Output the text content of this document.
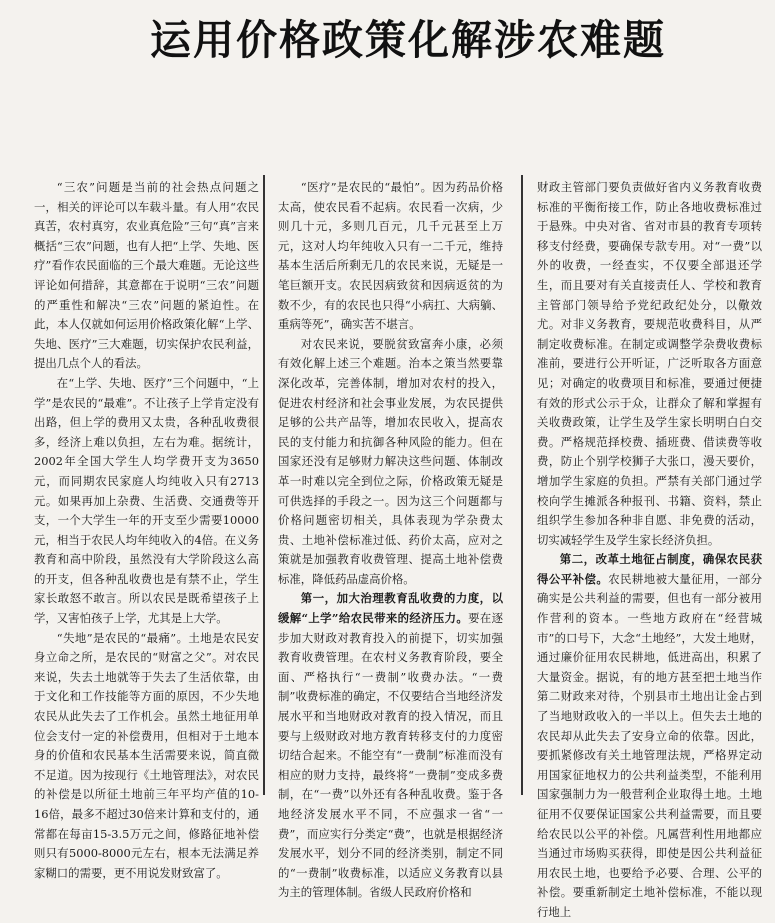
运用价格政策 化解涉农难题

“三农”问题是当前的社会热点问题之一，相关的评论可以车载斗量。有人用“农民真苦，农村真穷，农业真危险”三句“真”言来概括“三农”问题，也有人把“上学、失地、医疗”看作农民面临的三个最大难题。无论这些评论如何措辞，其意都在于说明“三农”问题的严重性和解决“三农”问题的紧迫性。在此，本人仅就如何运用价格政策化解“上学、失地、医疗”三大难题，切实保护农民利益，提出几点个人的看法。

在“上学、失地、医疗”三个问题中，“上学”是农民的“最难”。不让孩子上学肯定没有出路，但上学的费用又太贵，各种乱收费很多，经济上难以负担，左右为难。据统计，2002年全国大学生人均学费开支为3650元，而同期农民家庭人均纯收入只有2713元。如果再加上杂费、生活费、交通费等开支，一个大学生一年的开支至少需要10000元，相当于农民人均年纯收入的4倍。在义务教育和高中阶段，虽然没有大学阶段这么高的开支，但各种乱收费也是有禁不止，学生家长敢怒不敢言。所以农民是既希望孩子上学，又害怕孩子上学，尤其是上大学。

“失地”是农民的“最痛”。土地是农民安身立命之所，是农民的“财富之父”。对农民来说，失去土地就等于失去了生活依靠，由于文化和工作技能等方面的原因，不少失地农民从此失去了工作机会。虽然土地征用单位会支付一定的补偿费用，但相对于土地本身的价值和农民基本生活需要来说，简直微不足道。因为按现行《土地管理法》，对农民的补偿是以所征土地前三年平均产值的10-16倍，最多不超过30倍来计算和支付的，通常都在每亩15-3.5万元之间，修路征地补偿则只有5000-8000元左右，根本无法满足养家糊口的需要，更不用说发财致富了。

“医疗”是农民的“最怕”。因为药品价格太高，使农民看不起病。农民看一次病，少则几十元，多则几百元，几千元甚至上万元，这对人均年纯收入只有一二千元，维持基本生活后所剩无几的农民来说，无疑是一笔巨额开支。农民因病致贫和因病返贫的为数不少，有的农民也只得“小病扛、大病躺、重病等死”，确实苦不堪言。

对农民来说，要脱贫致富奔小康，必须有效化解上述三个难题。治本之策当然要靠深化改革，完善体制，增加对农村的投入，促进农村经济和社会事业发展，为农民提供足够的公共产品等，增加农民收入，提高农民的支付能力和抗御各种风险的能力。但在国家还没有足够财力解决这些问题、体制改革一时难以完全到位之际，价格政策无疑是可供选择的手段之一。因为这三个问题都与价格问题密切相关，具体表现为学杂费太贵、土地补偿标准过低、药价太高，应对之策就是加强教育收费管理、提高土地补偿费标准，降低药品虚高价格。

第一，加大治理教育乱收费的力度，以缓解“上学”给农民带来的经济压力。要在逐步加大财政对教育投入的前提下，切实加强教育收费管理。在农村义务教育阶段，要全面、严格执行“一费制”收费办法。“一费制”收费标准的确定，不仅要结合当地经济发展水平和当地财政对教育的投入情况，而且要与上级财政对地方教育转移支付的力度密切结合起来。不能空有“一费制”标准而没有相应的财力支持，最终将“一费制”变成多费制，在“一费”以外还有各种乱收费。鉴于各地经济发展水平不同，不应强求一省“一费”，而应实行分类定“费”，也就是根据经济发展水平，划分不同的经济类别，制定不同的“一费制”收费标准，以适应义务教育以县为主的管理体制。省级人民政府价格和

财政主管部门要负责做好省内义务教育收费标准的平衡衔接工作，防止各地收费标准过于悬殊。中央对省、省对市县的教育专项转移支付经费，要确保专款专用。对“一费”以外的收费，一经查实，不仅要全部退还学生，而且要对有关直接责任人、学校和教育主管部门领导给予党纪政纪处分，以儆效尤。对非义务教育，要规范收费科目，从严制定收费标准。在制定或调整学杂费收费标准前，要进行公开听证，广泛听取各方面意见；对确定的收费项目和标准，要通过便捷有效的形式公示于众，让群众了解和掌握有关收费政策，让学生及学生家长明明白白交费。严格规范择校费、插班费、借读费等收费，防止个别学校狮子大张口，漫天要价，增加学生家庭的负担。严禁有关部门通过学校向学生摊派各种报刊、书籍、资料，禁止组织学生参加各种非自愿、非免费的活动，切实减轻学生及学生家长经济负担。

第二，改革土地征占制度，确保农民获得公平补偿。农民耕地被大量征用，一部分确实是公共利益的需要，但也有一部分被用作营利的资本。一些地方政府在“经营城市”的口号下，大念“土地经”，大发土地财，通过廉价征用农民耕地，低进高出，积累了大量资金。据说，有的地方甚至把土地当作第二财政来对待，个别县市土地出让金占到了当地财政收入的一半以上。但失去土地的农民却从此失去了安身立命的依靠。因此，要抓紧修改有关土地管理法规，严格界定动用国家征地权力的公共利益类型，不能利用国家强制力为一般营利企业取得土地。土地征用不仅要保证国家公共利益需要，而且要给农民以公平的补偿。凡属营利性用地都应当通过市场购买获得，即使是因公共利益征用农民土地，也要给予必要、合理、公平的补偿。要重新制定土地补偿标准，不能以现行地上
